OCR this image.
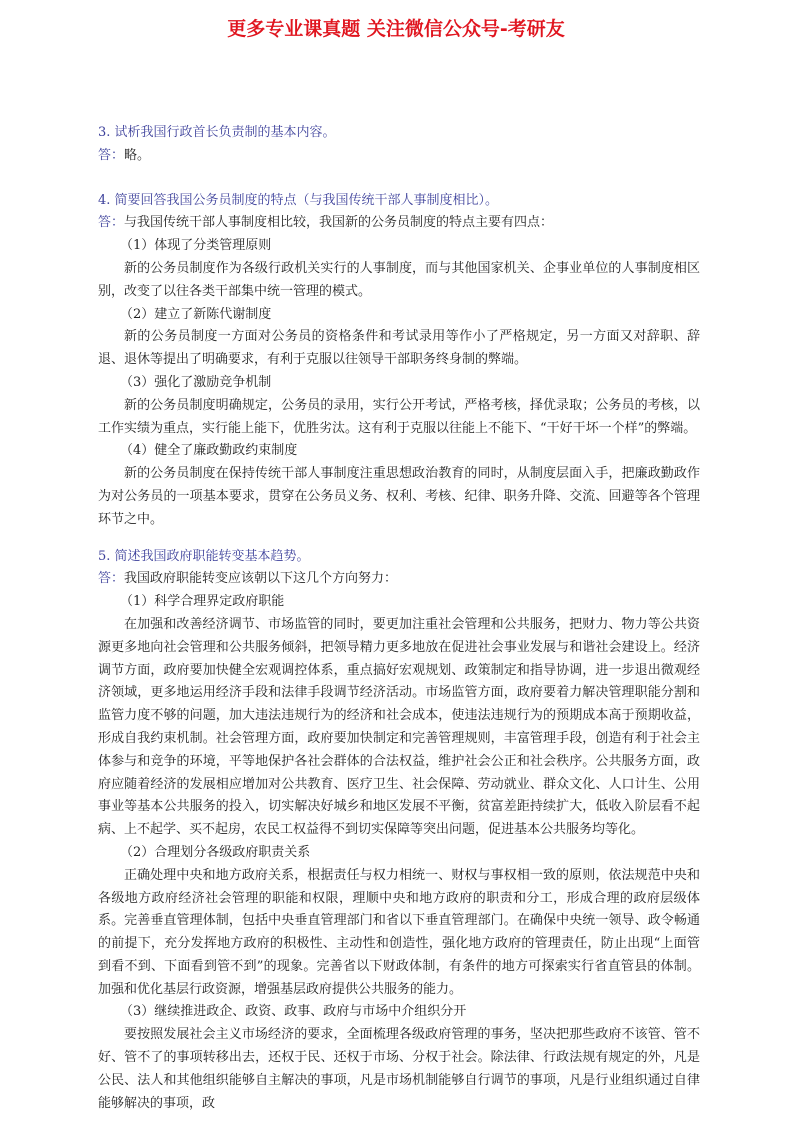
更多专业课真题 关注微信公众号-考研友

3. 试析我国行政首长负责制的基本内容。

答：略。

4. 简要回答我国公务员制度的特点（与我国传统干部人事制度相比）。

答：与我国传统干部人事制度相比较，我国新的公务员制度的特点主要有四点：

（1）体现了分类管理原则

新的公务员制度作为各级行政机关实行的人事制度，而与其他国家机关、企事业单位的人事制度相区别，改变了以往各类干部集中统一管理的模式。

（2）建立了新陈代谢制度

新的公务员制度一方面对公务员的资格条件和考试录用等作小了严格规定，另一方面又对辞职、辞退、退休等提出了明确要求，有利于克服以往领导干部职务终身制的弊端。

（3）强化了激励竞争机制

新的公务员制度明确规定，公务员的录用，实行公开考试，严格考核，择优录取；公务员的考核，以工作实绩为重点，实行能上能下，优胜劣汰。这有利于克服以往能上不能下、“干好干坏一个样”的弊端。

（4）健全了廉政勤政约束制度

新的公务员制度在保持传统干部人事制度注重思想政治教育的同时，从制度层面入手，把廉政勤政作为对公务员的一项基本要求，贯穿在公务员义务、权利、考核、纪律、职务升降、交流、回避等各个管理环节之中。

5. 简述我国政府职能转变基本趋势。

答：我国政府职能转变应该朝以下这几个方向努力：

（1）科学合理界定政府职能

在加强和改善经济调节、市场监管的同时，要更加注重社会管理和公共服务，把财力、物力等公共资源更多地向社会管理和公共服务倾斜，把领导精力更多地放在促进社会事业发展与和谐社会建设上。经济调节方面，政府要加快健全宏观调控体系，重点搞好宏观规划、政策制定和指导协调，进一步退出微观经济领域，更多地运用经济手段和法律手段调节经济活动。市场监管方面，政府要着力解决管理职能分割和监管力度不够的问题，加大违法违规行为的经济和社会成本，使违法违规行为的预期成本高于预期收益，形成自我约束机制。社会管理方面，政府要加快制定和完善管理规则，丰富管理手段，创造有利于社会主体参与和竞争的环境，平等地保护各社会群体的合法权益，维护社会公正和社会秩序。公共服务方面，政府应随着经济的发展相应增加对公共教育、医疗卫生、社会保障、劳动就业、群众文化、人口计生、公用事业等基本公共服务的投入，切实解决好城乡和地区发展不平衡，贫富差距持续扩大，低收入阶层看不起病、上不起学、买不起房，农民工权益得不到切实保障等突出问题，促进基本公共服务均等化。

（2）合理划分各级政府职责关系

正确处理中央和地方政府关系，根据责任与权力相统一、财权与事权相一致的原则，依法规范中央和各级地方政府经济社会管理的职能和权限，理顺中央和地方政府的职责和分工，形成合理的政府层级体系。完善垂直管理体制，包括中央垂直管理部门和省以下垂直管理部门。在确保中央统一领导、政令畅通的前提下，充分发挥地方政府的积极性、主动性和创造性，强化地方政府的管理责任，防止出现“上面管到看不到、下面看到管不到”的现象。完善省以下财政体制，有条件的地方可探索实行省直管县的体制。加强和优化基层行政资源，增强基层政府提供公共服务的能力。

（3）继续推进政企、政资、政事、政府与市场中介组织分开

要按照发展社会主义市场经济的要求，全面梳理各级政府管理的事务，坚决把那些政府不该管、管不好、管不了的事项转移出去，还权于民、还权于市场、分权于社会。除法律、行政法规有规定的外，凡是公民、法人和其他组织能够自主解决的事项，凡是市场机制能够自行调节的事项，凡是行业组织通过自律能够解决的事项，政
